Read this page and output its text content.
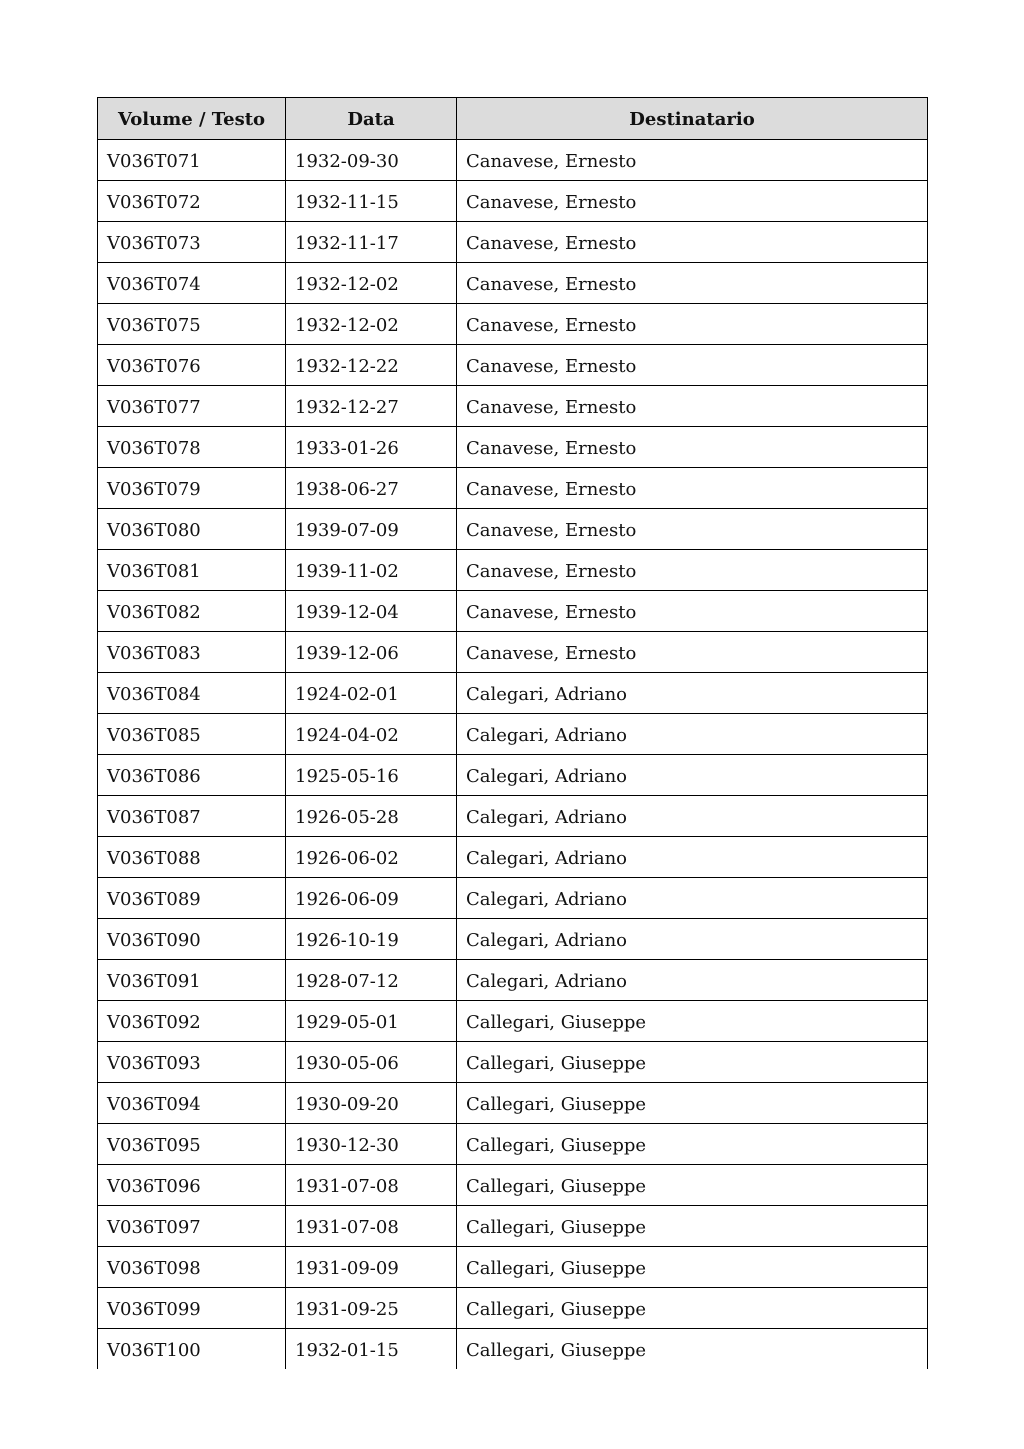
Volume / Testo	Data	Destinatario
V036T071	1932-09-30	Canavese, Ernesto
V036T072	1932-11-15	Canavese, Ernesto
V036T073	1932-11-17	Canavese, Ernesto
V036T074	1932-12-02	Canavese, Ernesto
V036T075	1932-12-02	Canavese, Ernesto
V036T076	1932-12-22	Canavese, Ernesto
V036T077	1932-12-27	Canavese, Ernesto
V036T078	1933-01-26	Canavese, Ernesto
V036T079	1938-06-27	Canavese, Ernesto
V036T080	1939-07-09	Canavese, Ernesto
V036T081	1939-11-02	Canavese, Ernesto
V036T082	1939-12-04	Canavese, Ernesto
V036T083	1939-12-06	Canavese, Ernesto
V036T084	1924-02-01	Calegari, Adriano
V036T085	1924-04-02	Calegari, Adriano
V036T086	1925-05-16	Calegari, Adriano
V036T087	1926-05-28	Calegari, Adriano
V036T088	1926-06-02	Calegari, Adriano
V036T089	1926-06-09	Calegari, Adriano
V036T090	1926-10-19	Calegari, Adriano
V036T091	1928-07-12	Calegari, Adriano
V036T092	1929-05-01	Callegari, Giuseppe
V036T093	1930-05-06	Callegari, Giuseppe
V036T094	1930-09-20	Callegari, Giuseppe
V036T095	1930-12-30	Callegari, Giuseppe
V036T096	1931-07-08	Callegari, Giuseppe
V036T097	1931-07-08	Callegari, Giuseppe
V036T098	1931-09-09	Callegari, Giuseppe
V036T099	1931-09-25	Callegari, Giuseppe
V036T100	1932-01-15	Callegari, Giuseppe
